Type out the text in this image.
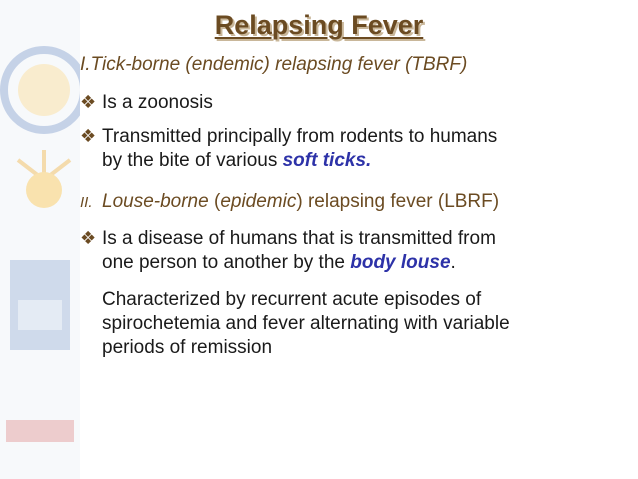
Relapsing Fever
I.Tick-borne (endemic) relapsing fever (TBRF)
❖ Is a zoonosis
❖ Transmitted principally from rodents to humans
by the bite of various soft ticks.
II. Louse-borne (epidemic) relapsing fever (LBRF)
❖ Is a disease of humans that is transmitted from
one person to another by the body louse.
Characterized by recurrent acute episodes of
spirochetemia and fever alternating with variable
periods of remission
